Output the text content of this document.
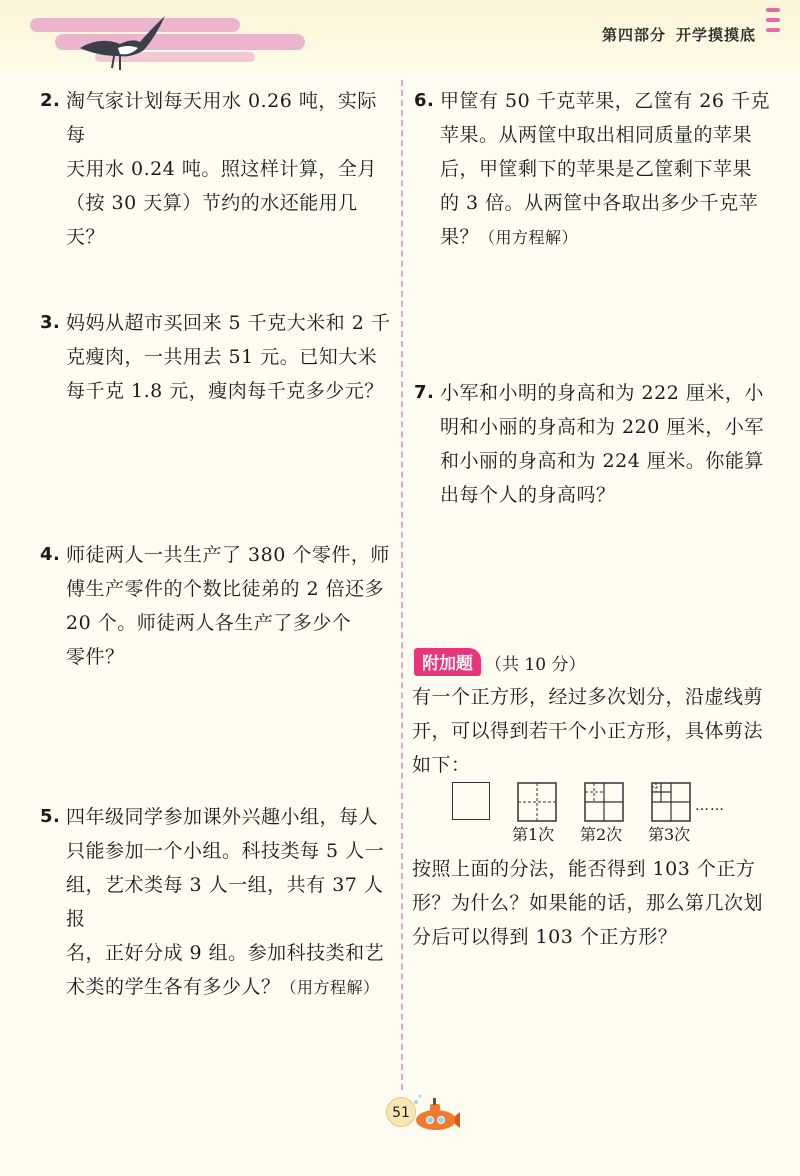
第四部分 开学摸摸底
2. 淘气家计划每天用水 0.26 吨，实际每
天用水 0.24 吨。照这样计算，全月
（按 30 天算）节约的水还能用几天？
3. 妈妈从超市买回来 5 千克大米和 2 千
克瘦肉，一共用去 51 元。已知大米
每千克 1.8 元，瘦肉每千克多少元？
4. 师徒两人一共生产了 380 个零件，师
傅生产零件的个数比徒弟的 2 倍还多
20 个。师徒两人各生产了多少个
零件？
5. 四年级同学参加课外兴趣小组，每人
只能参加一个小组。科技类每 5 人一
组，艺术类每 3 人一组，共有 37 人报
名，正好分成 9 组。参加科技类和艺
术类的学生各有多少人？（用方程解）
6. 甲筐有 50 千克苹果，乙筐有 26 千克
苹果。从两筐中取出相同质量的苹果
后，甲筐剩下的苹果是乙筐剩下苹果
的 3 倍。从两筐中各取出多少千克苹
果？（用方程解）
7. 小军和小明的身高和为 222 厘米，小
明和小丽的身高和为 220 厘米，小军
和小丽的身高和为 224 厘米。你能算
出每个人的身高吗？
附加题 （共 10 分）
有一个正方形，经过多次划分，沿虚线剪
开，可以得到若干个小正方形，具体剪法
如下：
……
第1次 第2次 第3次
按照上面的分法，能否得到 103 个正方
形？为什么？如果能的话，那么第几次划
分后可以得到 103 个正方形？
51
